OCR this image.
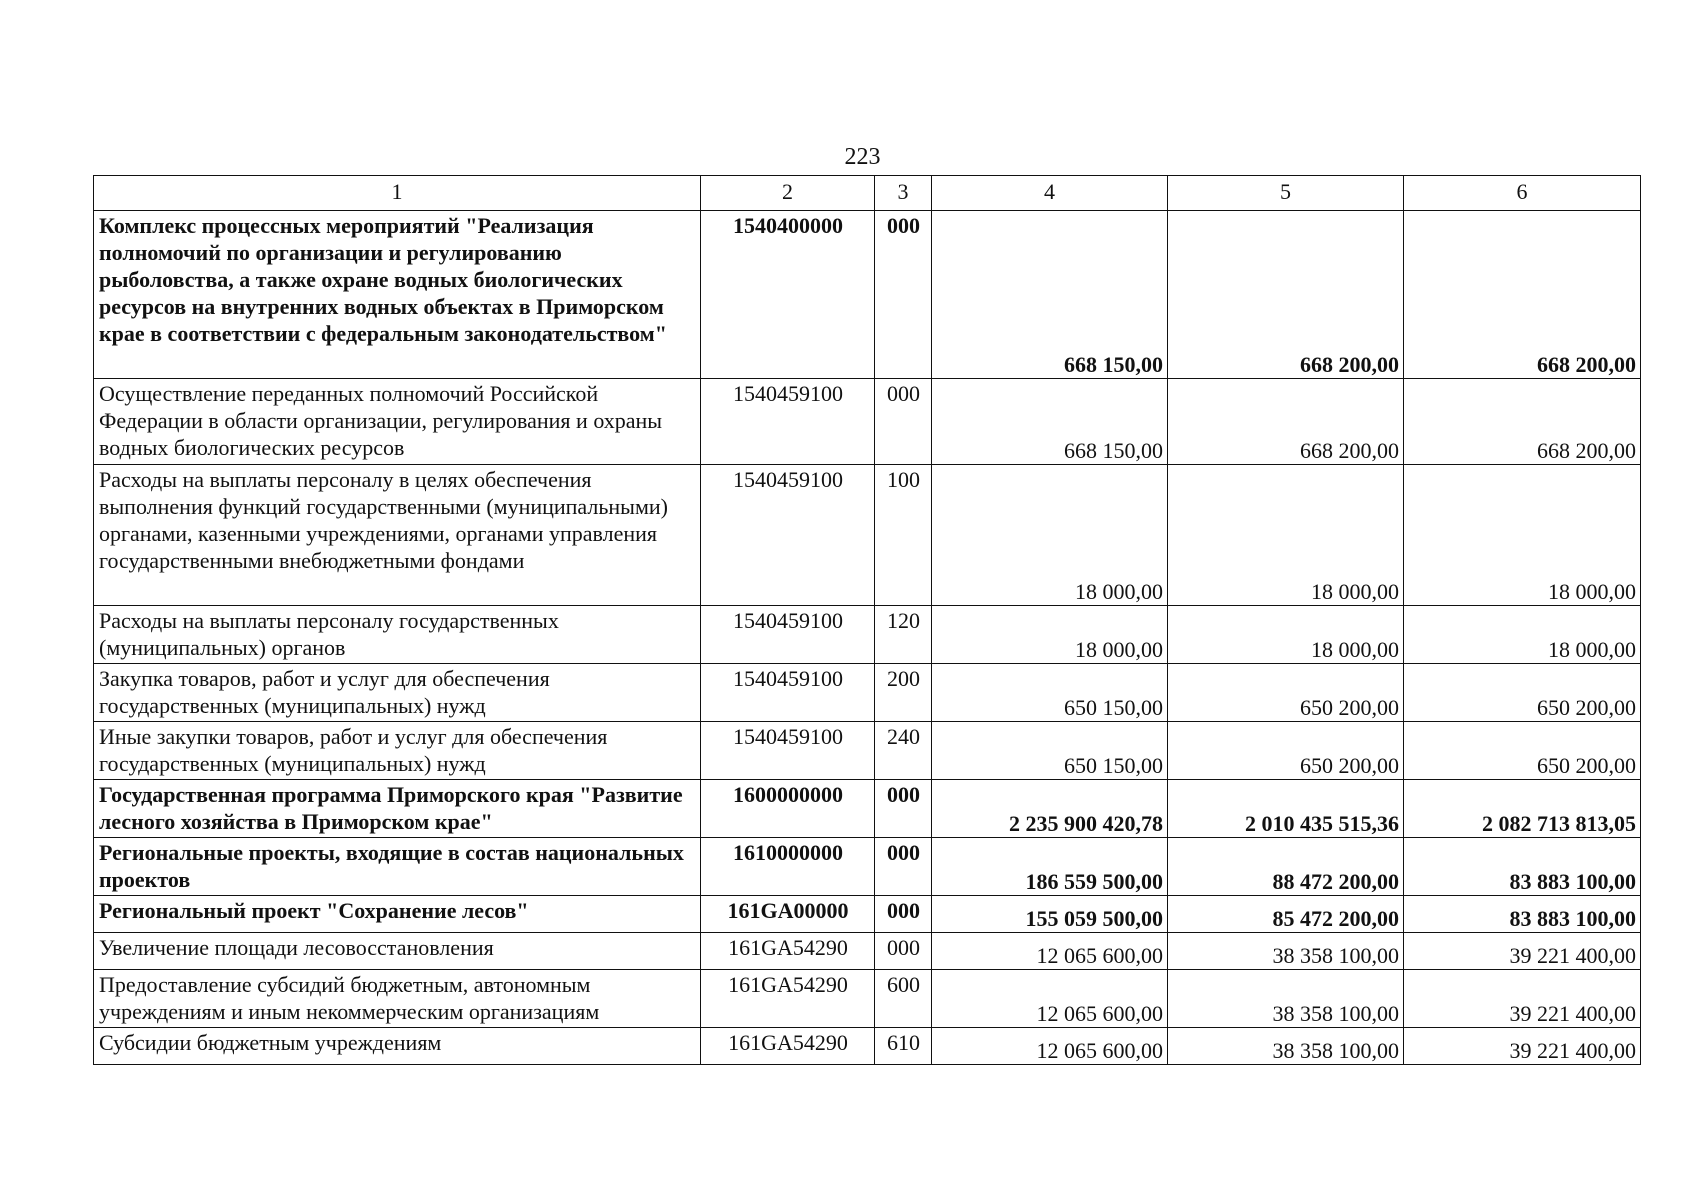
223
1	2	3	4	5	6
Комплекс процессных мероприятий "Реализация полномочий по организации и регулированию рыболовства, а также охране водных биологических ресурсов на внутренних водных объектах в Приморском крае в соответствии с федеральным законодательством"	1540400000	000	668 150,00	668 200,00	668 200,00
Осуществление переданных полномочий Российской Федерации в области организации, регулирования и охраны водных биологических ресурсов	1540459100	000	668 150,00	668 200,00	668 200,00
Расходы на выплаты персоналу в целях обеспечения выполнения функций государственными (муниципальными) органами, казенными учреждениями, органами управления государственными внебюджетными фондами	1540459100	100	18 000,00	18 000,00	18 000,00
Расходы на выплаты персоналу государственных (муниципальных) органов	1540459100	120	18 000,00	18 000,00	18 000,00
Закупка товаров, работ и услуг для обеспечения государственных (муниципальных) нужд	1540459100	200	650 150,00	650 200,00	650 200,00
Иные закупки товаров, работ и услуг для обеспечения государственных (муниципальных) нужд	1540459100	240	650 150,00	650 200,00	650 200,00
Государственная программа Приморского края "Развитие лесного хозяйства в Приморском крае"	1600000000	000	2 235 900 420,78	2 010 435 515,36	2 082 713 813,05
Региональные проекты, входящие в состав национальных проектов	1610000000	000	186 559 500,00	88 472 200,00	83 883 100,00
Региональный проект "Сохранение лесов"	161GA00000	000	155 059 500,00	85 472 200,00	83 883 100,00
Увеличение площади лесовосстановления	161GA54290	000	12 065 600,00	38 358 100,00	39 221 400,00
Предоставление субсидий бюджетным, автономным учреждениям и иным некоммерческим организациям	161GA54290	600	12 065 600,00	38 358 100,00	39 221 400,00
Субсидии бюджетным учреждениям	161GA54290	610	12 065 600,00	38 358 100,00	39 221 400,00
